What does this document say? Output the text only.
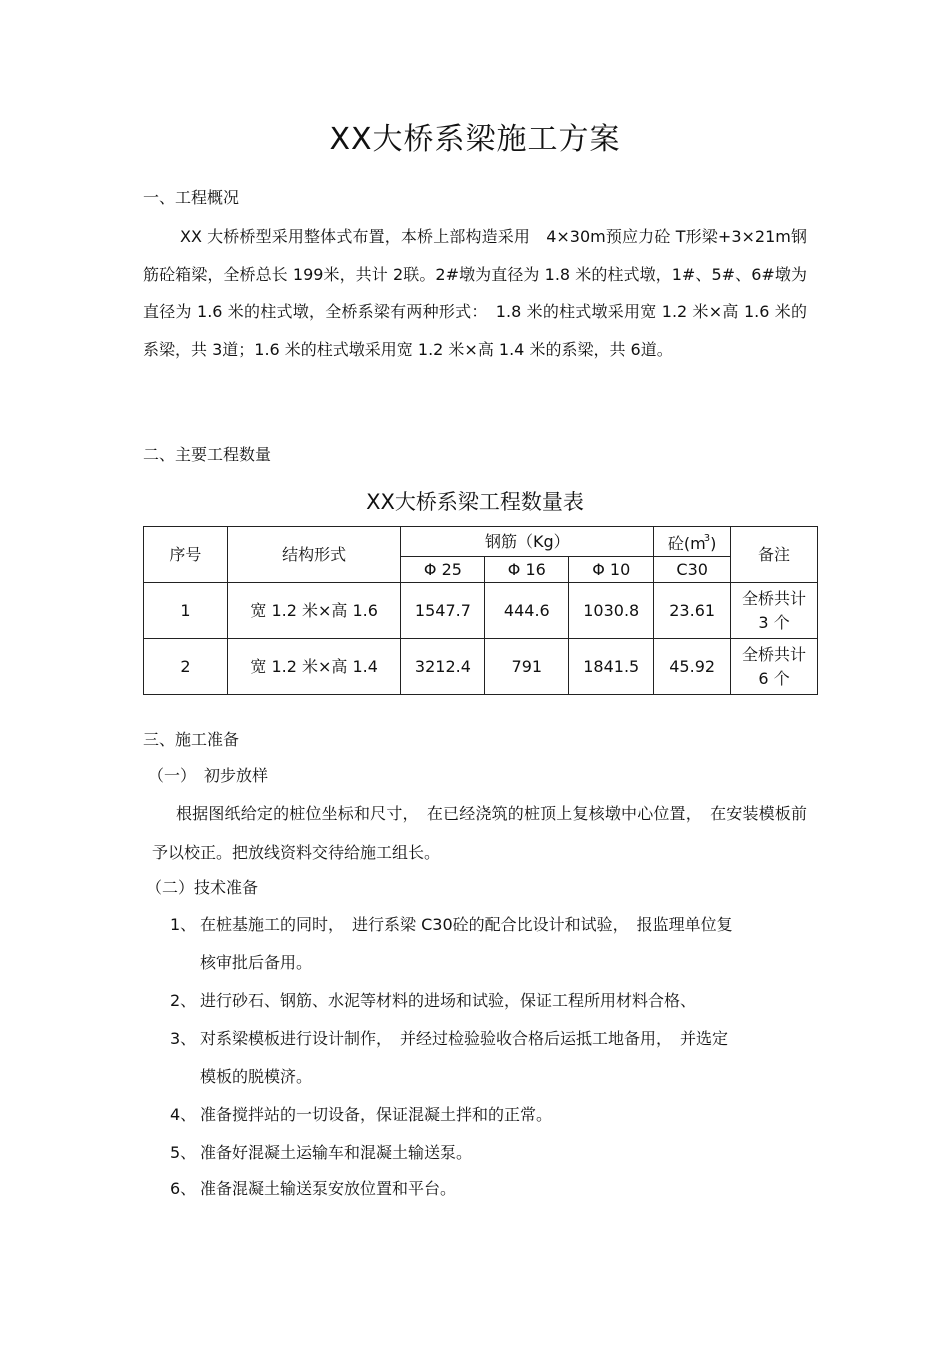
XX大桥系梁施工方案
一、工程概况
XX 大桥桥型采用整体式布置，本桥上部构造采用　4×30m预应力砼 T形梁+3×21m钢筋砼箱梁，全桥总长 199米，共计 2联。2#墩为直径为 1.8 米的柱式墩，1#、5#、6#墩为直径为 1.6 米的柱式墩，全桥系梁有两种形式：　1.8 米的柱式墩采用宽 1.2 米×高 1.6 米的系梁，共 3道；1.6 米的柱式墩采用宽 1.2 米×高 1.4 米的系梁，共 6道。
二、主要工程数量
XX大桥系梁工程数量表
序号	结构形式	钢筋（Kg）			砼$(m^3)$	备注
		Φ 25	Φ 16	Φ 10	C30	
1	宽 1.2 米×高 1.6	1547.7	444.6	1030.8	23.61	全桥共计
3 个

2	宽 1.2 米×高 1.4	3212.4	791	1841.5	45.92	全桥共计
6 个
三、施工准备
（一）　初步放样
根据图纸给定的桩位坐标和尺寸，　在已经浇筑的桩顶上复核墩中心位置，　在安装模板前予以校正。把放线资料交待给施工组长。
（二）技术准备
1、 在桩基施工的同时，　进行系梁 C30砼的配合比设计和试验，　报监理单位复
核审批后备用。
2、 进行砂石、钢筋、水泥等材料的进场和试验，保证工程所用材料合格、
3、 对系梁模板进行设计制作，　并经过检验验收合格后运抵工地备用，　并选定
模板的脱模济。
4、 准备搅拌站的一切设备，保证混凝土拌和的正常。
5、 准备好混凝土运输车和混凝土输送泵。
6、 准备混凝土输送泵安放位置和平台。
